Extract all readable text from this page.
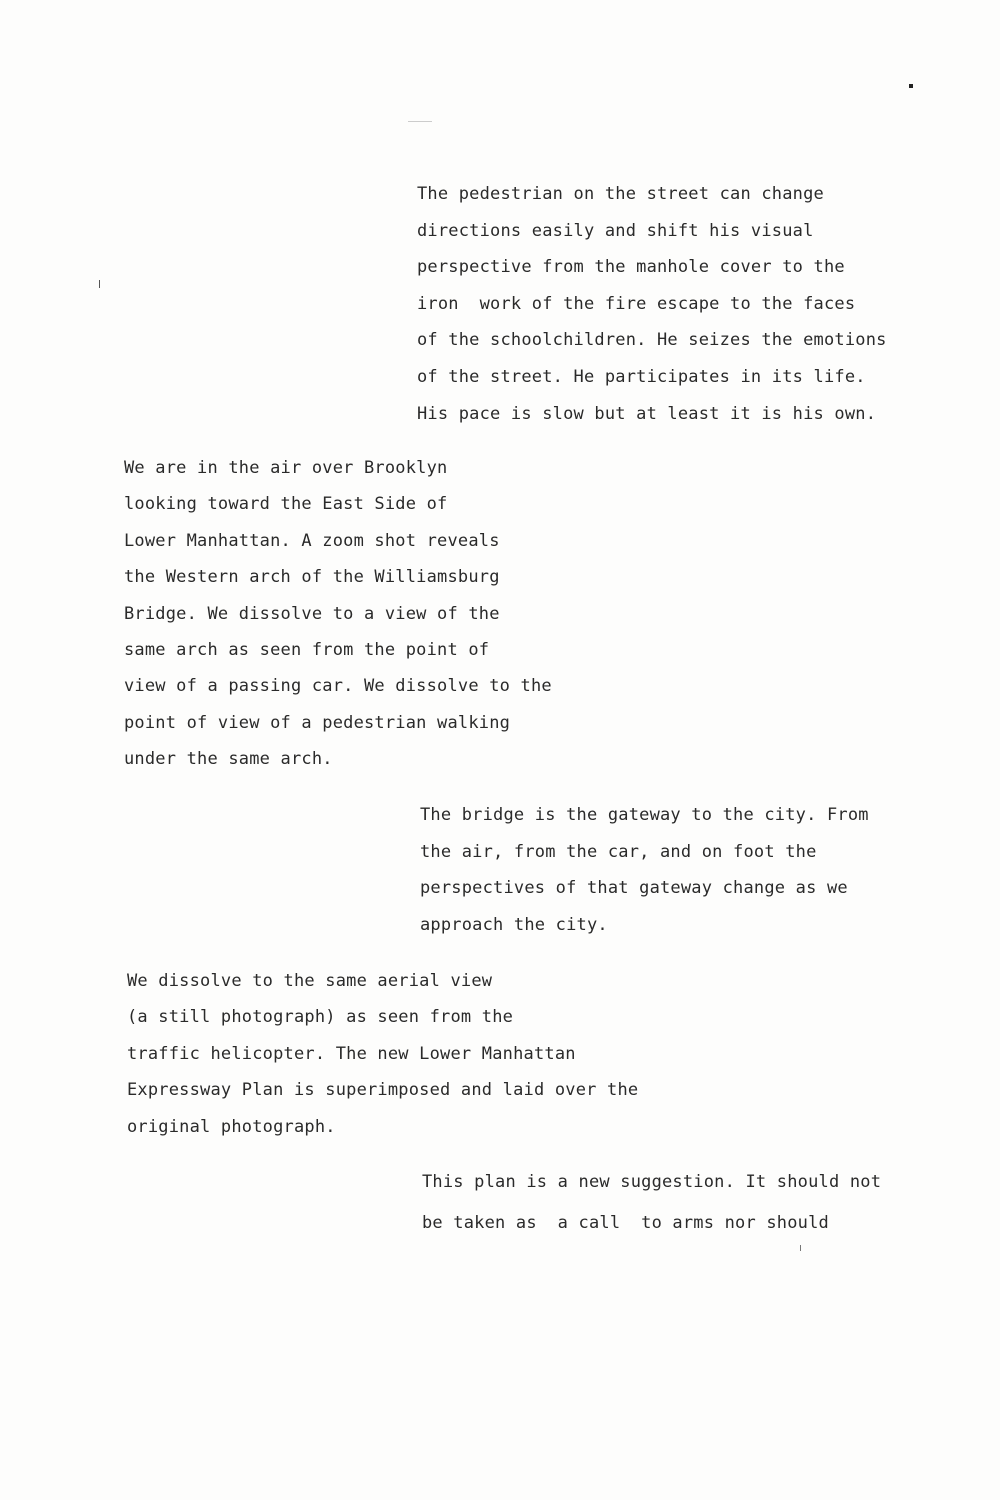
The pedestrian on the street can change
directions easily and shift his visual
perspective from the manhole cover to the
iron  work of the fire escape to the faces
of the schoolchildren. He seizes the emotions
of the street. He participates in its life.
His pace is slow but at least it is his own.
We are in the air over Brooklyn
looking toward the East Side of
Lower Manhattan. A zoom shot reveals
the Western arch of the Williamsburg
Bridge. We dissolve to a view of the
same arch as seen from the point of
view of a passing car. We dissolve to the
point of view of a pedestrian walking
under the same arch.
The bridge is the gateway to the city. From
the air, from the car, and on foot the
perspectives of that gateway change as we
approach the city.
We dissolve to the same aerial view
(a still photograph) as seen from the
traffic helicopter. The new Lower Manhattan
Expressway Plan is superimposed and laid over the
original photograph.
This plan is a new suggestion. It should not
be taken as  a call  to arms nor should
